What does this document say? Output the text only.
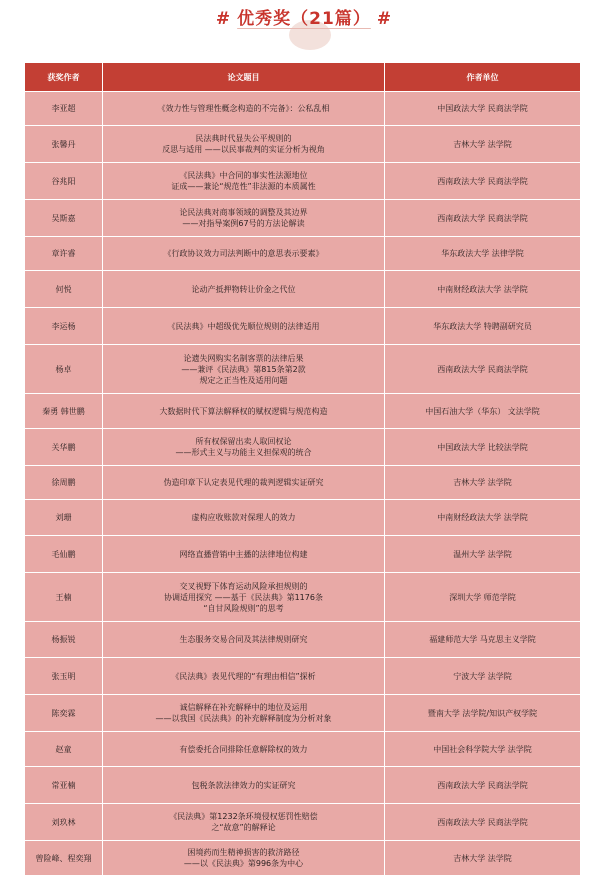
# 优秀奖（21篇） #
获奖作者	论文题目	作者单位
李亚超	《效力性与管理性概念构造的不完备》：公私乱相	中国政法大学 民商法学院
张馨丹	民法典时代显失公平规则的
反思与适用 ——以民事裁判的实证分析为视角	吉林大学 法学院
谷兆阳	《民法典》中合同的事实性法源地位
证成——兼论“规范性”非法源的本质属性	西南政法大学 民商法学院
吴斯嘉	论民法典对商事领域的调整及其边界
——对指导案例67号的方法论解读	西南政法大学 民商法学院
章许睿	《行政协议效力司法判断中的意思表示要素》	华东政法大学 法律学院
何悦	论动产抵押物转让价金之代位	中南财经政法大学 法学院
李运杨	《民法典》中超级优先顺位规则的法律适用	华东政法大学 特聘副研究员
杨卓	论遗失网购实名制客票的法律后果
——兼评《民法典》第815条第2款
规定之正当性及适用问题	西南政法大学 民商法学院
秦勇 韩世鹏	大数据时代下算法解释权的赋权逻辑与规范构造	中国石油大学（华东） 文法学院
关华鹏	所有权保留出卖人取回权论
——形式主义与功能主义担保观的统合	中国政法大学 比较法学院
徐周鹏	伪造印章下认定表见代理的裁判逻辑实证研究	吉林大学 法学院
刘珊	虚构应收账款对保理人的效力	中南财经政法大学 法学院
毛仙鹏	网络直播营销中主播的法律地位构建	温州大学 法学院
王楠	交叉视野下体育运动风险承担规则的
协调适用探究 ——基于《民法典》第1176条
“自甘风险规则”的思考	深圳大学 师范学院
杨振锐	生态服务交易合同及其法律规则研究	福建师范大学 马克思主义学院
张玉明	《民法典》表见代理的“有理由相信”探析	宁波大学 法学院
陈奕霖	诚信解释在补充解释中的地位及运用
——以我国《民法典》的补充解释制度为分析对象	暨南大学 法学院/知识产权学院
赵童	有偿委托合同排除任意解除权的效力	中国社会科学院大学 法学院
常亚楠	包税条款法律效力的实证研究	西南政法大学 民商法学院
刘玖林	《民法典》第1232条环境侵权惩罚性赔偿
之“故意”的解释论	西南政法大学 民商法学院
曾险峰、程奕翔	困境药而生精神损害的救济路径
——以《民法典》第996条为中心	吉林大学 法学院
